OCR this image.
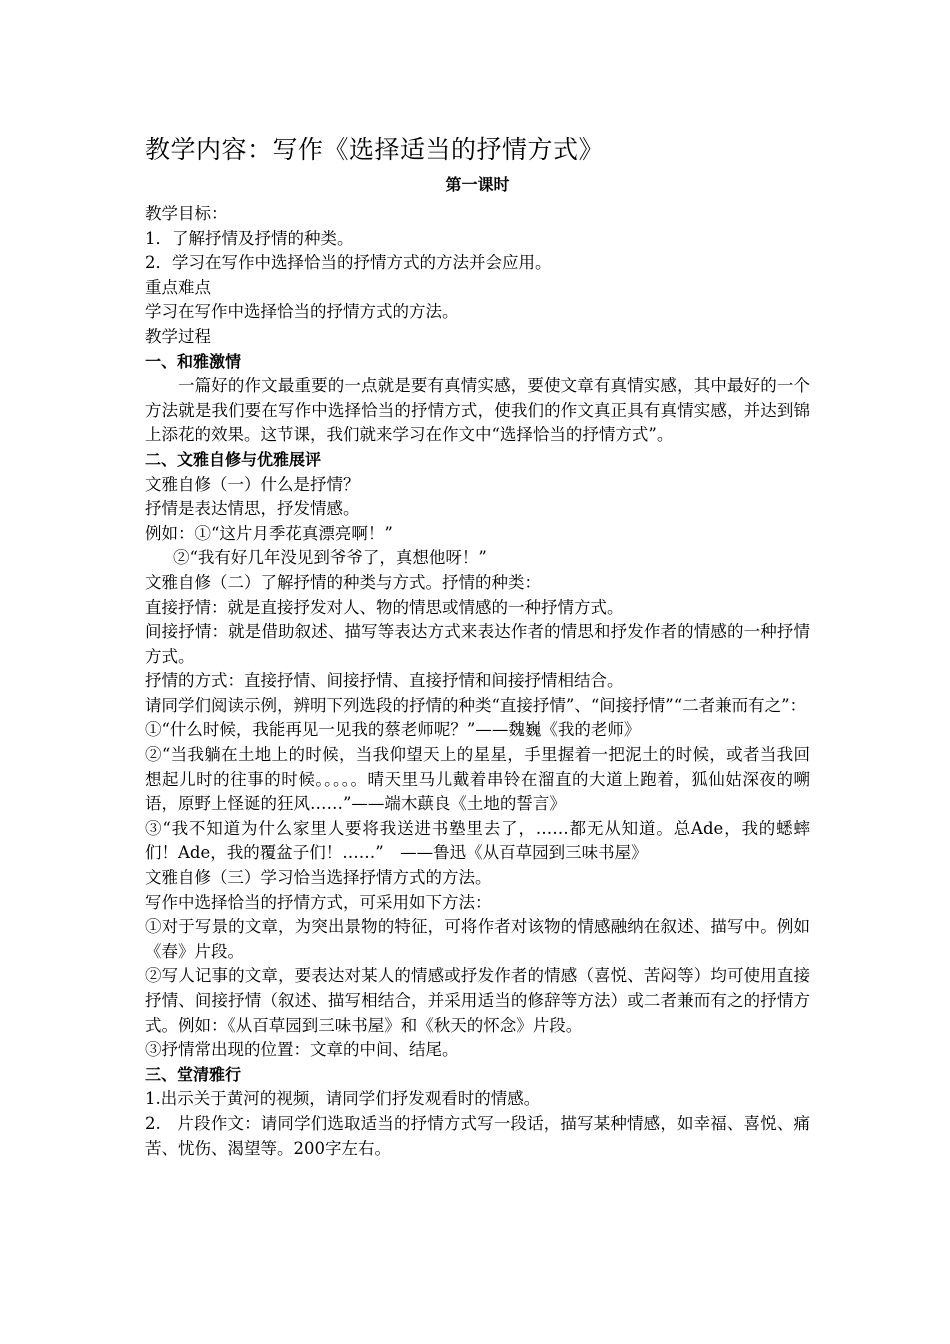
教学内容：写作《选择适当的抒情方式》

第一课时

教学目标：

1．了解抒情及抒情的种类。

2．学习在写作中选择恰当的抒情方式的方法并会应用。

重点难点

学习在写作中选择恰当的抒情方式的方法。

教学过程

一、和雅激情

一篇好的作文最重要的一点就是要有真情实感，要使文章有真情实感，其中最好的一个方法就是我们要在写作中选择恰当的抒情方式，使我们的作文真正具有真情实感，并达到锦上添花的效果。这节课，我们就来学习在作文中“选择恰当的抒情方式”。

二、文雅自修与优雅展评

文雅自修（一）什么是抒情？

抒情是表达情思，抒发情感。

例如：①“这片月季花真漂亮啊！”

②“我有好几年没见到爷爷了，真想他呀！”

文雅自修（二）了解抒情的种类与方式。抒情的种类：

直接抒情：就是直接抒发对人、物的情思或情感的一种抒情方式。

间接抒情：就是借助叙述、描写等表达方式来表达作者的情思和抒发作者的情感的一种抒情方式。

抒情的方式：直接抒情、间接抒情、直接抒情和间接抒情相结合。

请同学们阅读示例，辨明下列选段的抒情的种类“直接抒情”、“间接抒情”“二者兼而有之”：

①“什么时候，我能再见一见我的蔡老师呢？”——魏巍《我的老师》

②“当我躺在土地上的时候，当我仰望天上的星星，手里握着一把泥土的时候，或者当我回想起儿时的往事的时候。。。。。晴天里马儿戴着串铃在溜直的大道上跑着，狐仙姑深夜的嗍语，原野上怪诞的狂风……”——端木蕻良《土地的誓言》

③“我不知道为什么家里人要将我送进书塾里去了，……都无从知道。总Ade，我的蟋蟀们！Ade，我的覆盆子们！……”　——鲁迅《从百草园到三味书屋》

文雅自修（三）学习恰当选择抒情方式的方法。

写作中选择恰当的抒情方式，可采用如下方法：

①对于写景的文章，为突出景物的特征，可将作者对该物的情感融纳在叙述、描写中。例如《春》片段。

②写人记事的文章，要表达对某人的情感或抒发作者的情感（喜悦、苦闷等）均可使用直接抒情、间接抒情（叙述、描写相结合，并采用适当的修辞等方法）或二者兼而有之的抒情方式。例如：《从百草园到三味书屋》和《秋天的怀念》片段。

③抒情常出现的位置：文章的中间、结尾。

三、堂清雅行

1.出示关于黄河的视频，请同学们抒发观看时的情感。

2.　片段作文：请同学们选取适当的抒情方式写一段话，描写某种情感，如幸福、喜悦、痛苦、忧伤、渴望等。200字左右。
